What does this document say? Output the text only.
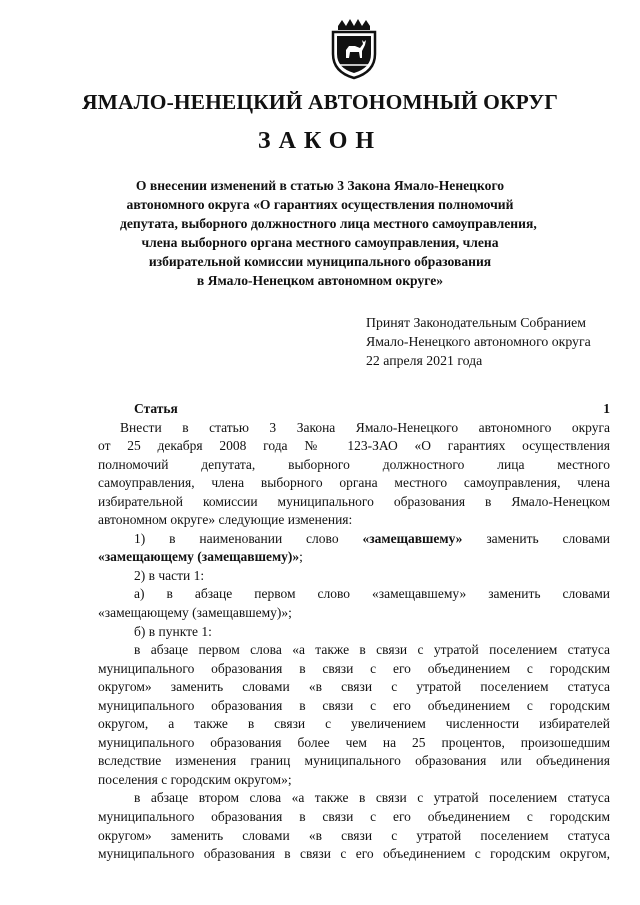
ЯМАЛО-НЕНЕЦКИЙ АВТОНОМНЫЙ ОКРУГ
ЗАКОН
О внесении изменений в статью 3 Закона Ямало-Ненецкого
автономного округа «О гарантиях осуществления полномочий
депутата, выборного должностного лица местного самоуправления,
члена выборного органа местного самоуправления, члена
избирательной комиссии муниципального образования
в Ямало-Ненецком автономном округе»
Принят Законодательным Собранием
Ямало-Ненецкого автономного округа
22 апреля 2021 года
Статья 1
Внести в статью 3 Закона Ямало-Ненецкого автономного округа
от 25 декабря 2008 года № 123-ЗАО «О гарантиях осуществления
полномочий депутата, выборного должностного лица местного
самоуправления, члена выборного органа местного самоуправления, члена
избирательной комиссии муниципального образования в Ямало-Ненецком
автономном округе» следующие изменения:
1) в наименовании слово «замещавшему» заменить словами
«замещающему (замещавшему)»;
2) в части 1:
а) в абзаце первом слово «замещавшему» заменить словами
«замещающему (замещавшему)»;
б) в пункте 1:
в абзаце первом слова «а также в связи с утратой поселением статуса
муниципального образования в связи с его объединением с городским
округом» заменить словами «в связи с утратой поселением статуса
муниципального образования в связи с его объединением с городским
округом, а также в связи с увеличением численности избирателей
муниципального образования более чем на 25 процентов, произошедшим
вследствие изменения границ муниципального образования или объединения
поселения с городским округом»;
в абзаце втором слова «а также в связи с утратой поселением статуса
муниципального образования в связи с его объединением с городским
округом» заменить словами «в связи с утратой поселением статуса
муниципального образования в связи с его объединением с городским округом,
